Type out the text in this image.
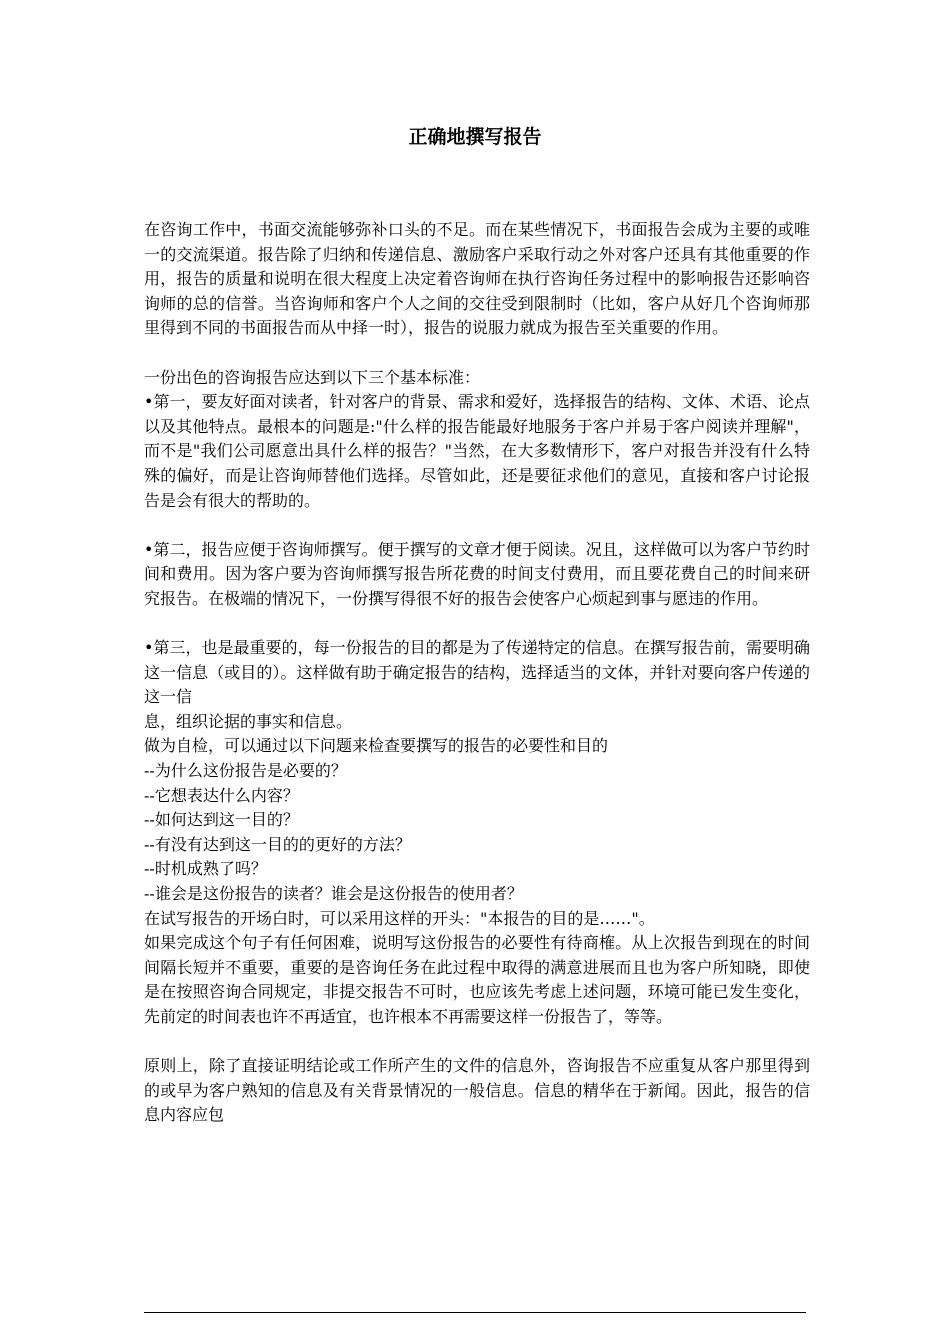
正确地撰写报告

在咨询工作中，书面交流能够弥补口头的不足。而在某些情况下，书面报告会成为主要的或唯一的交流渠道。报告除了归纳和传递信息、激励客户采取行动之外对客户还具有其他重要的作用，报告的质量和说明在很大程度上决定着咨询师在执行咨询任务过程中的影响报告还影响咨询师的总的信誉。当咨询师和客户个人之间的交往受到限制时（比如，客户从好几个咨询师那里得到不同的书面报告而从中择一时），报告的说服力就成为报告至关重要的作用。

一份出色的咨询报告应达到以下三个基本标准：

•第一，要友好面对读者，针对客户的背景、需求和爱好，选择报告的结构、文体、术语、论点以及其他特点。最根本的问题是:"什么样的报告能最好地服务于客户并易于客户阅读并理解"，而不是"我们公司愿意出具什么样的报告？"当然，在大多数情形下，客户对报告并没有什么特殊的偏好，而是让咨询师替他们选择。尽管如此，还是要征求他们的意见，直接和客户讨论报告是会有很大的帮助的。

•第二，报告应便于咨询师撰写。便于撰写的文章才便于阅读。况且，这样做可以为客户节约时间和费用。因为客户要为咨询师撰写报告所花费的时间支付费用，而且要花费自己的时间来研究报告。在极端的情况下，一份撰写得很不好的报告会使客户心烦起到事与愿违的作用。

•第三，也是最重要的，每一份报告的目的都是为了传递特定的信息。在撰写报告前，需要明确这一信息（或目的）。这样做有助于确定报告的结构，选择适当的文体，并针对要向客户传递的这一信

息，组织论据的事实和信息。

做为自检，可以通过以下问题来检查要撰写的报告的必要性和目的

--为什么这份报告是必要的？

--它想表达什么内容？

--如何达到这一目的？

--有没有达到这一目的的更好的方法？

--时机成熟了吗？

--谁会是这份报告的读者？谁会是这份报告的使用者？

在试写报告的开场白时，可以采用这样的开头："本报告的目的是……"。

如果完成这个句子有任何困难，说明写这份报告的必要性有待商榷。从上次报告到现在的时间间隔长短并不重要，重要的是咨询任务在此过程中取得的满意进展而且也为客户所知晓，即使是在按照咨询合同规定，非提交报告不可时，也应该先考虑上述问题，环境可能已发生变化，先前定的时间表也许不再适宜，也许根本不再需要这样一份报告了，等等。

原则上，除了直接证明结论或工作所产生的文件的信息外，咨询报告不应重复从客户那里得到的或早为客户熟知的信息及有关背景情况的一般信息。信息的精华在于新闻。因此，报告的信息内容应包
